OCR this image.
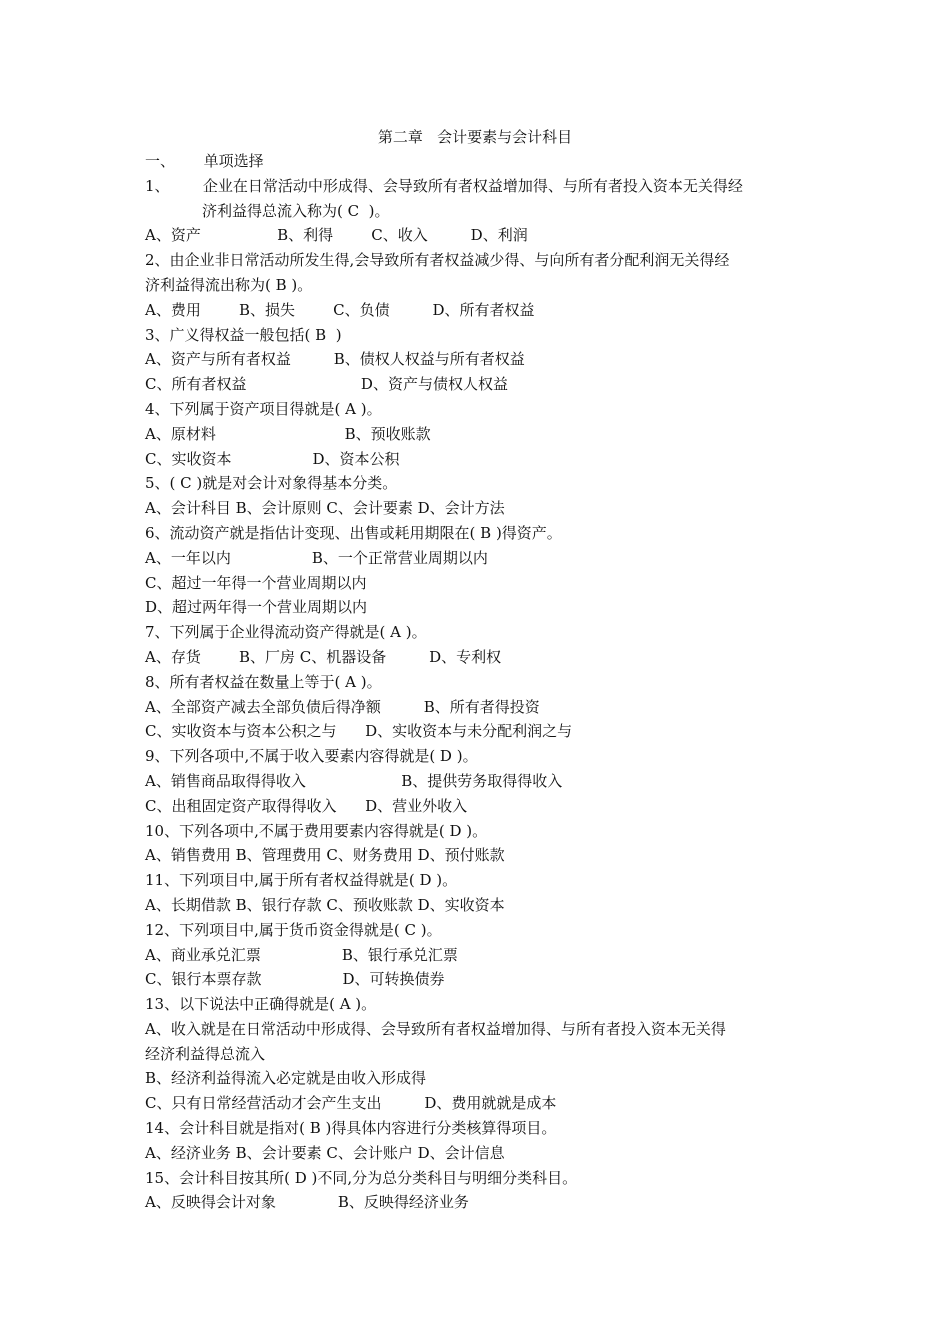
第二章   会计要素与会计科目
一、      单项选择
1、       企业在日常活动中形成得、会导致所有者权益增加得、与所有者投入资本无关得经
济利益得总流入称为( C  )。
A、资产                B、利得        C、收入         D、利润
2、由企业非日常活动所发生得,会导致所有者权益减少得、与向所有者分配利润无关得经
济利益得流出称为( B )。
A、费用        B、损失        C、负债         D、所有者权益
3、广义得权益一般包括( B  )
A、资产与所有者权益         B、债权人权益与所有者权益
C、所有者权益                        D、资产与债权人权益
4、下列属于资产项目得就是( A )。
A、原材料                           B、预收账款
C、实收资本                 D、资本公积
5、( C )就是对会计对象得基本分类。
A、会计科目 B、会计原则 C、会计要素 D、会计方法
6、流动资产就是指估计变现、出售或耗用期限在( B )得资产。
A、一年以内                 B、一个正常营业周期以内
C、超过一年得一个营业周期以内
D、超过两年得一个营业周期以内
7、下列属于企业得流动资产得就是( A )。
A、存货        B、厂房 C、机器设备         D、专利权
8、所有者权益在数量上等于( A )。
A、全部资产减去全部负债后得净额         B、所有者得投资
C、实收资本与资本公积之与      D、实收资本与未分配利润之与
9、下列各项中,不属于收入要素内容得就是( D )。
A、销售商品取得得收入                    B、提供劳务取得得收入
C、出租固定资产取得得收入      D、营业外收入
10、下列各项中,不属于费用要素内容得就是( D )。
A、销售费用 B、管理费用 C、财务费用 D、预付账款
11、下列项目中,属于所有者权益得就是( D )。
A、长期借款 B、银行存款 C、预收账款 D、实收资本
12、下列项目中,属于货币资金得就是( C )。
A、商业承兑汇票                 B、银行承兑汇票
C、银行本票存款                 D、可转换债券
13、以下说法中正确得就是( A )。
A、收入就是在日常活动中形成得、会导致所有者权益增加得、与所有者投入资本无关得
经济利益得总流入
B、经济利益得流入必定就是由收入形成得
C、只有日常经营活动才会产生支出         D、费用就就是成本
14、会计科目就是指对( B )得具体内容进行分类核算得项目。
A、经济业务 B、会计要素 C、会计账户 D、会计信息
15、会计科目按其所( D )不同,分为总分类科目与明细分类科目。
A、反映得会计对象             B、反映得经济业务
